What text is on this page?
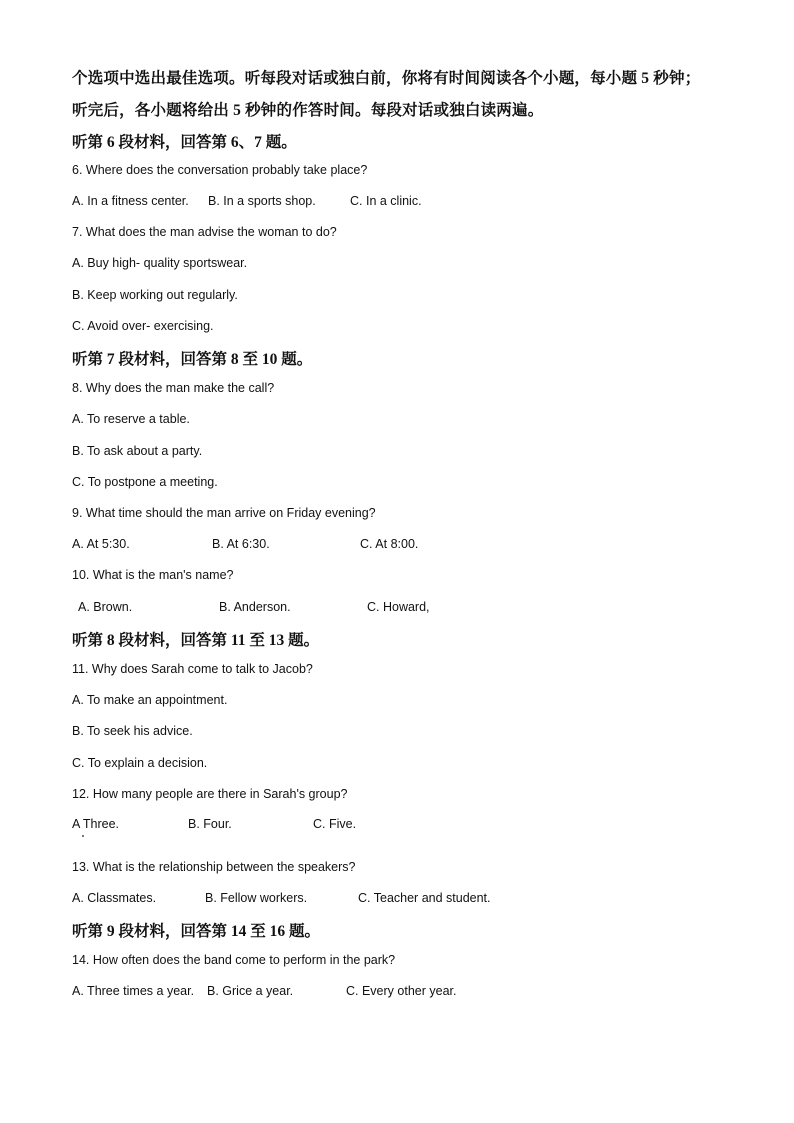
个选项中选出最佳选项。听每段对话或独白前，你将有时间阅读各个小题，每小题 5 秒钟；
听完后，各小题将给出 5 秒钟的作答时间。每段对话或独白读两遍。
听第 6 段材料，回答第 6、7 题。
6. Where does the conversation probably take place?
A. In a fitness center. B. In a sports shop.	C. In a clinic.
7. What does the man advise the woman to do?
A. Buy high- quality sportswear.
B. Keep working out regularly.
C. Avoid over- exercising.
听第 7 段材料，回答第 8 至 10 题。
8. Why does the man make the call?
A. To reserve a table.
B. To ask about a party.
C. To postpone a meeting.
9. What time should the man arrive on Friday evening?
A. At 5:30.	B. At 6:30.	C. At 8:00.
10. What is the man's name?
A. Brown.	B. Anderson.	C. Howard,
听第 8 段材料，回答第 11 至 13 题。
11. Why does Sarah come to talk to Jacob?
A. To make an appointment.
B. To seek his advice.
C. To explain a decision.
12. How many people are there in Sarah's group?
A Three.	B. Four.	C. Five.
13. What is the relationship between the speakers?
A. Classmates.	B. Fellow workers.	C. Teacher and student.
听第 9 段材料，回答第 14 至 16 题。
14. How often does the band come to perform in the park?
A. Three times a year. B. Grice a year.	C. Every other year.
